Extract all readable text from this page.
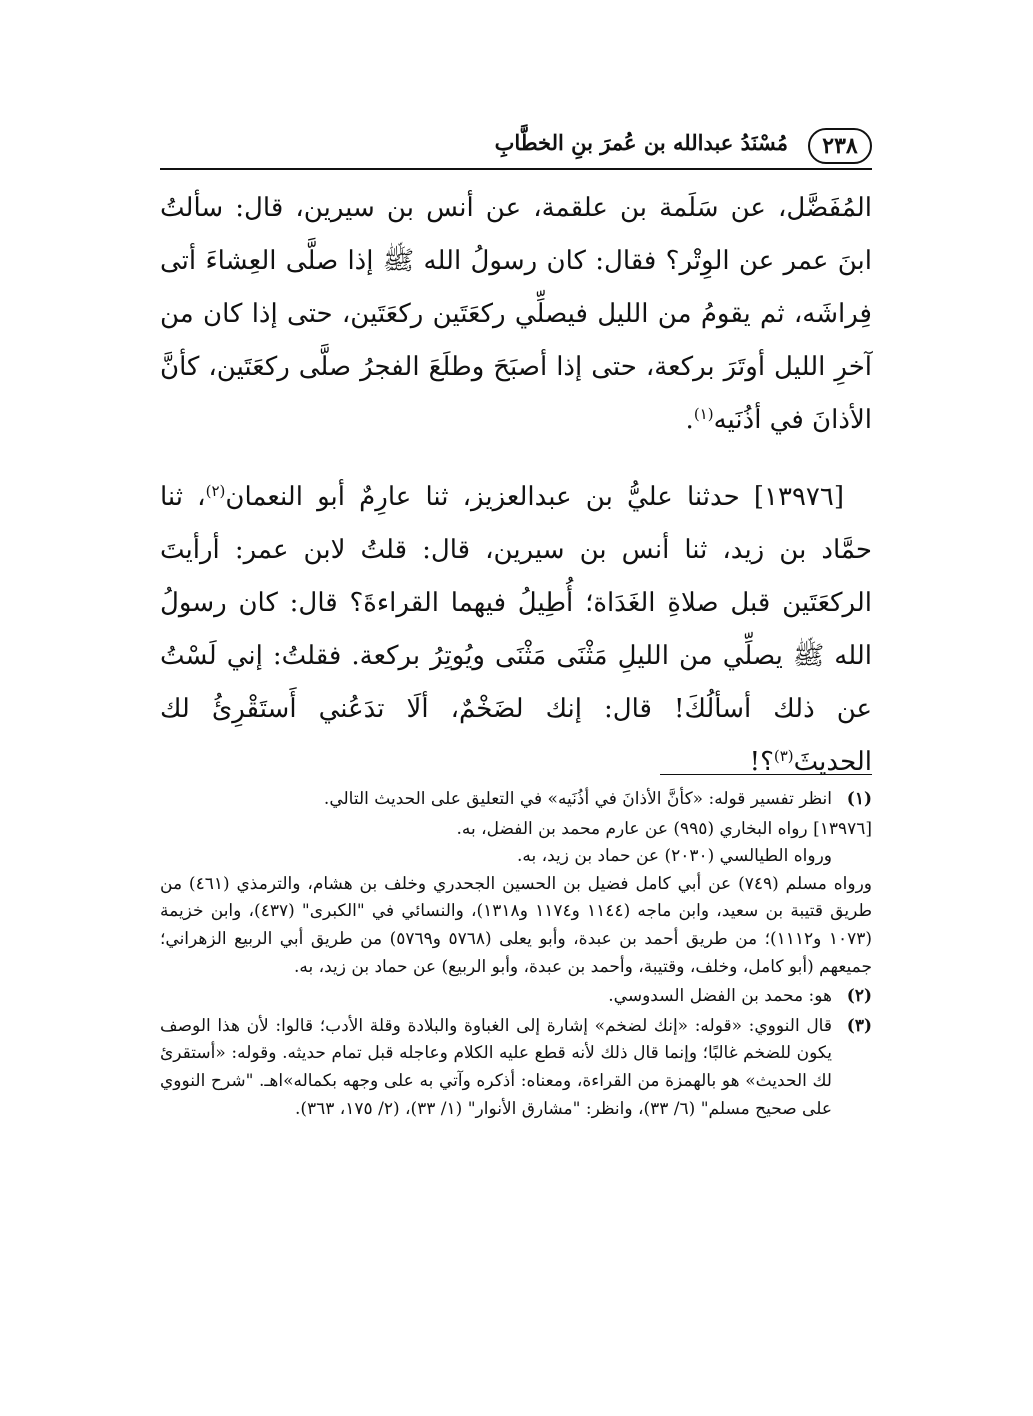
٢٣٨
مُسْنَدُ عبدالله بن عُمرَ بنِ الخطَّابِ

المُفَضَّل، عن سَلَمة بن علقمة، عن أنس بن سيرين، قال: سألتُ ابنَ عمر عن الوِتْر؟ فقال: كان رسولُ الله ﷺ إذا صلَّى العِشاءَ أتى فِراشَه، ثم يقومُ من الليل فيصلِّي ركعَتَين ركعَتَين، حتى إذا كان من آخرِ الليل أوتَرَ بركعة، حتى إذا أصبَحَ وطلَعَ الفجرُ صلَّى ركعَتَين، كأنَّ الأذانَ في أذُنَيه$^{(١)}$.

[١٣٩٧٦] حدثنا عليُّ بن عبدالعزيز، ثنا عارِمٌ أبو النعمان$^{(٢)}$، ثنا حمَّاد بن زيد، ثنا أنس بن سيرين، قال: قلتُ لابن عمر: أرأيتَ الركعَتَين قبل صلاةِ الغَدَاة؛ أُطِيلُ فيهما القراءةَ؟ قال: كان رسولُ الله ﷺ يصلِّي من الليلِ مَثْنَى مَثْنَى ويُوتِرُ بركعة. فقلتُ: إني لَسْتُ عن ذلك أسألُكَ! قال: إنك لضَخْمٌ، ألَا تدَعُني أَستَقْرِئُ لك الحديثَ$^{(٣)}$؟!

(١)

انظر تفسير قوله: «كأنَّ الأذانَ في أذُنَيه» في التعليق على الحديث التالي.

[١٣٩٧٦] رواه البخاري (٩٩٥) عن عارم محمد بن الفضل، به.

ورواه الطيالسي (٢٠٣٠) عن حماد بن زيد، به.

ورواه مسلم (٧٤٩) عن أبي كامل فضيل بن الحسين الجحدري وخلف بن هشام، والترمذي (٤٦١) من طريق قتيبة بن سعيد، وابن ماجه (١١٤٤ و١١٧٤ و١٣١٨)، والنسائي في "الكبرى" (٤٣٧)، وابن خزيمة (١٠٧٣ و١١١٢)؛ من طريق أحمد بن عبدة، وأبو يعلى (٥٧٦٨ و٥٧٦٩) من طريق أبي الربيع الزهراني؛ جميعهم (أبو كامل، وخلف، وقتيبة، وأحمد بن عبدة، وأبو الربيع) عن حماد بن زيد، به.

(٢)

هو: محمد بن الفضل السدوسي.

(٣)

قال النووي: «قوله: «إنك لضخم» إشارة إلى الغباوة والبلادة وقلة الأدب؛ قالوا: لأن هذا الوصف يكون للضخم غالبًا؛ وإنما قال ذلك لأنه قطع عليه الكلام وعاجله قبل تمام حديثه. وقوله: «أستقرئ لك الحديث» هو بالهمزة من القراءة، ومعناه: أذكره وآتي به على وجهه بكماله»اهـ. "شرح النووي على صحيح مسلم" (٦/ ٣٣)، وانظر: "مشارق الأنوار" (١/ ٣٣)، (٢/ ١٧٥، ٣٦٣).
